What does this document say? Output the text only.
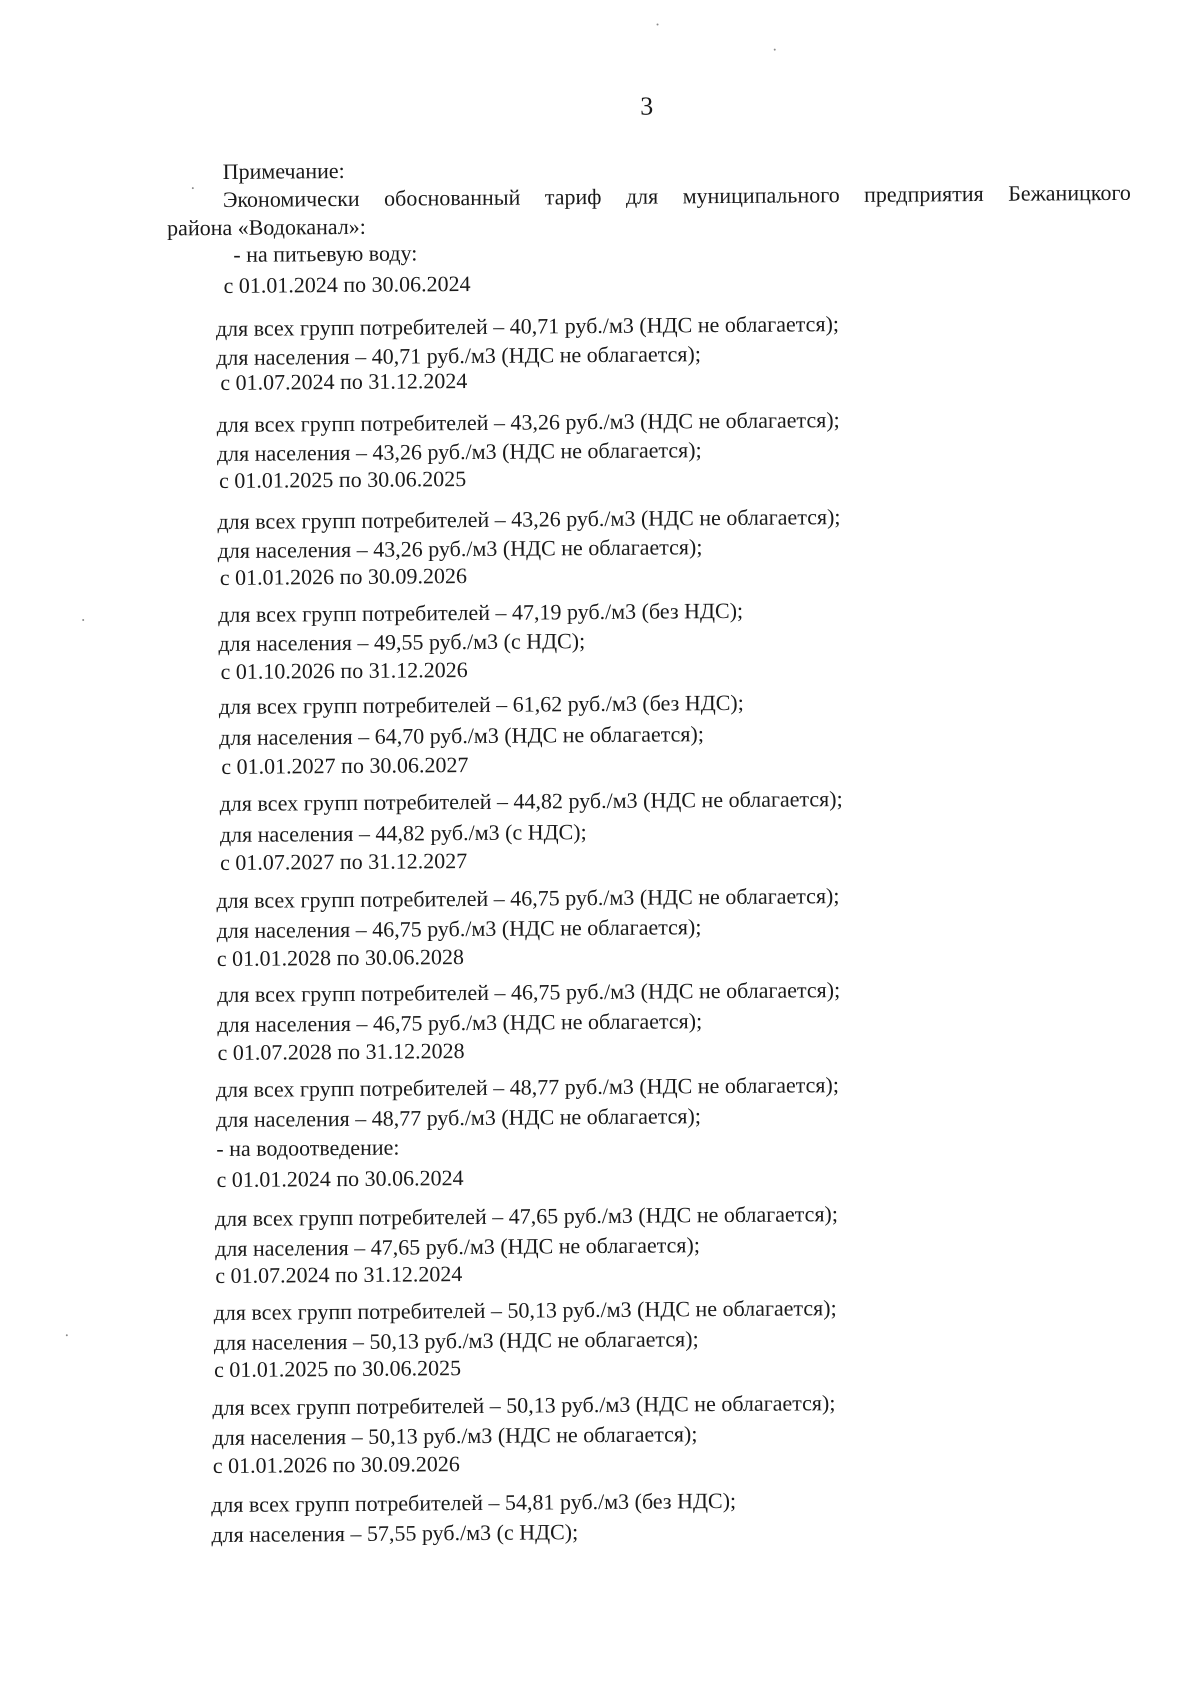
3
Примечание:
Экономически обоснованный тариф для муниципального предприятия Бежаницкого
района «Водоканал»:
- на питьевую воду:
с 01.01.2024 по 30.06.2024
для всех групп потребителей – 40,71 руб./м3 (НДС не облагается);
для населения – 40,71 руб./м3 (НДС не облагается);
с 01.07.2024 по 31.12.2024
для всех групп потребителей – 43,26 руб./м3 (НДС не облагается);
для населения – 43,26 руб./м3 (НДС не облагается);
с 01.01.2025 по 30.06.2025
для всех групп потребителей – 43,26 руб./м3 (НДС не облагается);
для населения – 43,26 руб./м3 (НДС не облагается);
с 01.01.2026 по 30.09.2026
для всех групп потребителей – 47,19 руб./м3 (без НДС);
для населения – 49,55 руб./м3 (с НДС);
с 01.10.2026 по 31.12.2026
для всех групп потребителей – 61,62 руб./м3 (без НДС);
для населения – 64,70 руб./м3 (НДС не облагается);
с 01.01.2027 по 30.06.2027
для всех групп потребителей – 44,82 руб./м3 (НДС не облагается);
для населения – 44,82 руб./м3 (с НДС);
с 01.07.2027 по 31.12.2027
для всех групп потребителей – 46,75 руб./м3 (НДС не облагается);
для населения – 46,75 руб./м3 (НДС не облагается);
с 01.01.2028 по 30.06.2028
для всех групп потребителей – 46,75 руб./м3 (НДС не облагается);
для населения – 46,75 руб./м3 (НДС не облагается);
с 01.07.2028 по 31.12.2028
для всех групп потребителей – 48,77 руб./м3 (НДС не облагается);
для населения – 48,77 руб./м3 (НДС не облагается);
- на водоотведение:
с 01.01.2024 по 30.06.2024
для всех групп потребителей – 47,65 руб./м3 (НДС не облагается);
для населения – 47,65 руб./м3 (НДС не облагается);
с 01.07.2024 по 31.12.2024
для всех групп потребителей – 50,13 руб./м3 (НДС не облагается);
для населения – 50,13 руб./м3 (НДС не облагается);
с 01.01.2025 по 30.06.2025
для всех групп потребителей – 50,13 руб./м3 (НДС не облагается);
для населения – 50,13 руб./м3 (НДС не облагается);
с 01.01.2026 по 30.09.2026
для всех групп потребителей – 54,81 руб./м3 (без НДС);
для населения – 57,55 руб./м3 (с НДС);
